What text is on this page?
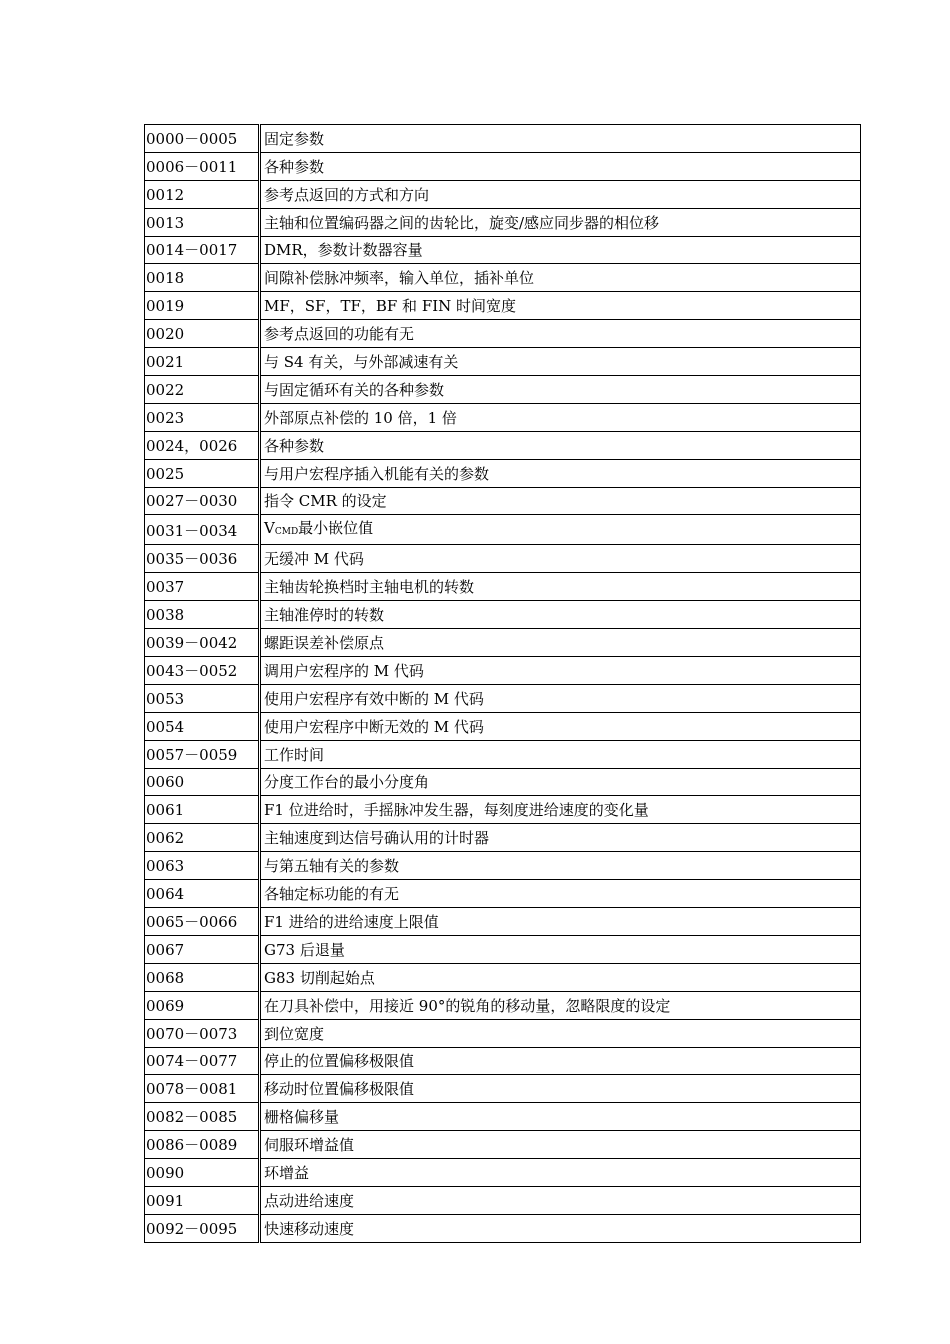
0000－0005	固定参数
0006－0011	各种参数
0012	参考点返回的方式和方向
0013	主轴和位置编码器之间的齿轮比，旋变/感应同步器的相位移
0014－0017	DMR，参数计数器容量
0018	间隙补偿脉冲频率，输入单位，插补单位
0019	MF，SF，TF，BF 和 FIN 时间宽度
0020	参考点返回的功能有无
0021	与 S4 有关，与外部减速有关
0022	与固定循环有关的各种参数
0023	外部原点补偿的 10 倍，1 倍
0024，0026	各种参数
0025	与用户宏程序插入机能有关的参数
0027－0030	指令 CMR 的设定
0031－0034	VCMD最小嵌位值
0035－0036	无缓冲 M 代码
0037	主轴齿轮换档时主轴电机的转数
0038	主轴准停时的转数
0039－0042	螺距误差补偿原点
0043－0052	调用户宏程序的 M 代码
0053	使用户宏程序有效中断的 M 代码
0054	使用户宏程序中断无效的 M 代码
0057－0059	工作时间
0060	分度工作台的最小分度角
0061	F1 位进给时，手摇脉冲发生器，每刻度进给速度的变化量
0062	主轴速度到达信号确认用的计时器
0063	与第五轴有关的参数
0064	各轴定标功能的有无
0065－0066	F1 进给的进给速度上限值
0067	G73 后退量
0068	G83 切削起始点
0069	在刀具补偿中，用接近 90°的锐角的移动量，忽略限度的设定
0070－0073	到位宽度
0074－0077	停止的位置偏移极限值
0078－0081	移动时位置偏移极限值
0082－0085	栅格偏移量
0086－0089	伺服环增益值
0090	环增益
0091	点动进给速度
0092－0095	快速移动速度
